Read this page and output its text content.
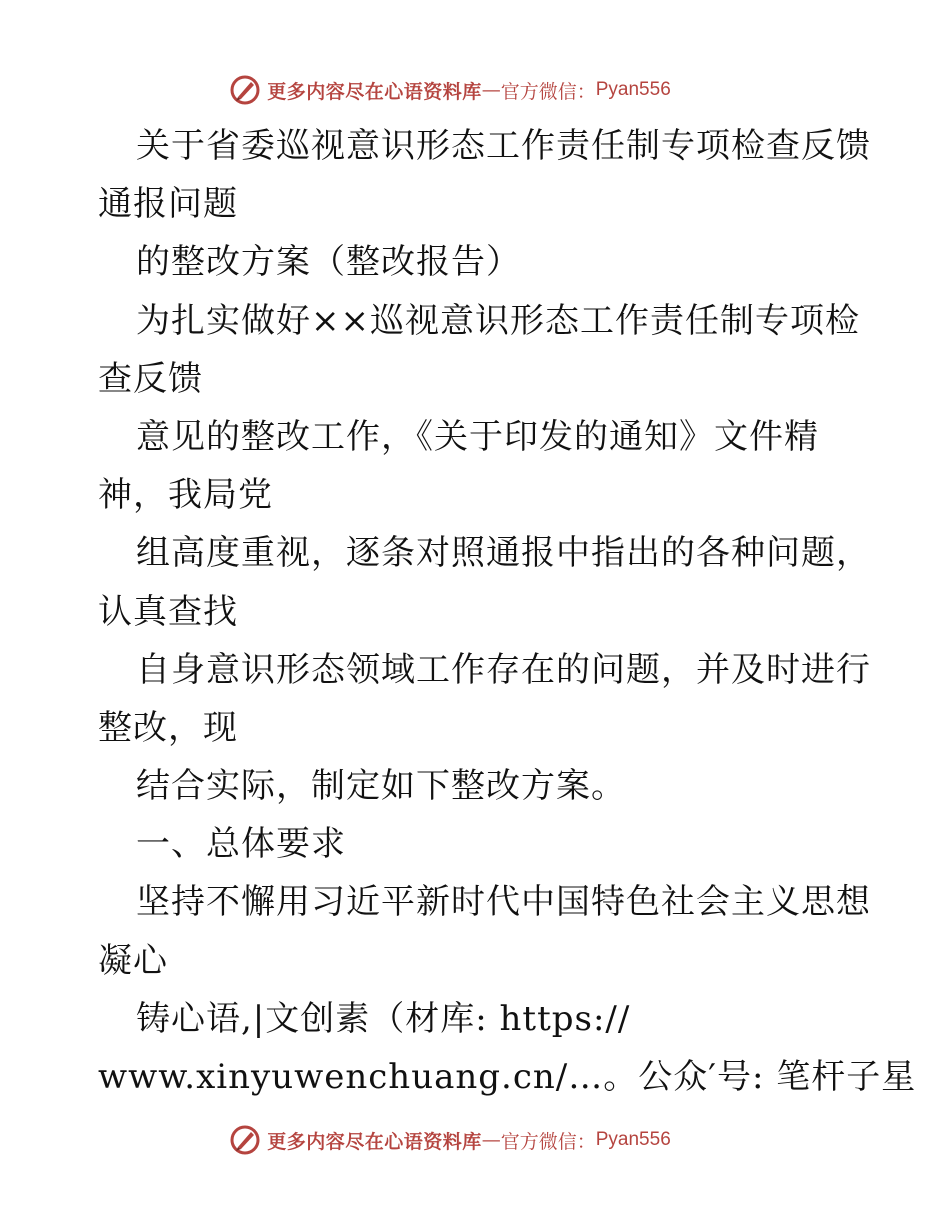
更多内容尽在心语资料库 — 官方微信： Pyan556
关于省委巡视意识形态工作责任制专项检查反馈
通报问题
的整改方案（整改报告）
为扎实做好××巡视意识形态工作责任制专项检
查反馈
意见的整改工作，《关于印发的通知》文件精
神，我局党
组高度重视，逐条对照通报中指出的各种问题，
认真查找
自身意识形态领域工作存在的问题，并及时进行
整改，现
结合实际，制定如下整改方案。
一、总体要求
坚持不懈用习近平新时代中国特色社会主义思想
凝心
铸心语,|文创素（材库: https://
www.xinyuwenchuang.cn/…。公众′号: 笔杆子星
更多内容尽在心语资料库 — 官方微信： Pyan556
